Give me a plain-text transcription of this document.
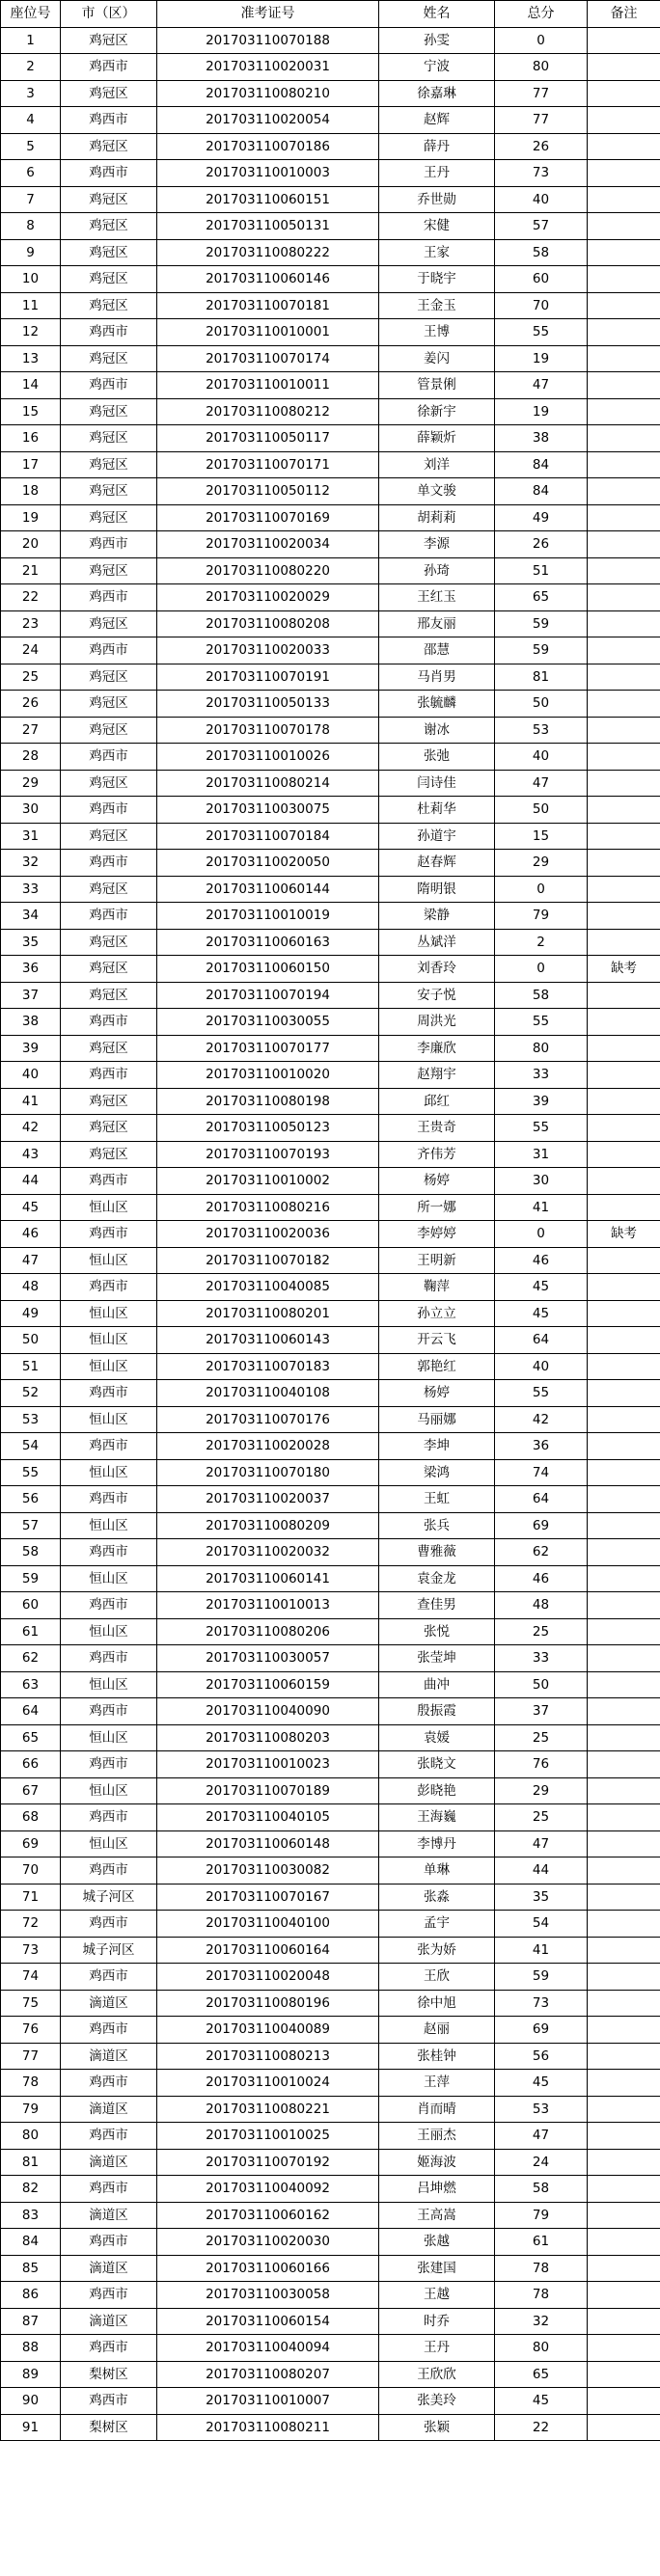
座位号	市（区）	准考证号	姓名	总分	备注
1	鸡冠区	201703110070188	孙雯	0	
2	鸡西市	201703110020031	宁波	80	
3	鸡冠区	201703110080210	徐嘉琳	77	
4	鸡西市	201703110020054	赵辉	77	
5	鸡冠区	201703110070186	薛丹	26	
6	鸡西市	201703110010003	王丹	73	
7	鸡冠区	201703110060151	乔世勋	40	
8	鸡冠区	201703110050131	宋健	57	
9	鸡冠区	201703110080222	王家	58	
10	鸡冠区	201703110060146	于晓宇	60	
11	鸡冠区	201703110070181	王金玉	70	
12	鸡西市	201703110010001	王博	55	
13	鸡冠区	201703110070174	姜闪	19	
14	鸡西市	201703110010011	管景俐	47	
15	鸡冠区	201703110080212	徐新宇	19	
16	鸡冠区	201703110050117	薛颖炘	38	
17	鸡冠区	201703110070171	刘洋	84	
18	鸡冠区	201703110050112	单文骏	84	
19	鸡冠区	201703110070169	胡莉莉	49	
20	鸡西市	201703110020034	李源	26	
21	鸡冠区	201703110080220	孙琦	51	
22	鸡西市	201703110020029	王红玉	65	
23	鸡冠区	201703110080208	邢友丽	59	
24	鸡西市	201703110020033	邵慧	59	
25	鸡冠区	201703110070191	马肖男	81	
26	鸡冠区	201703110050133	张毓麟	50	
27	鸡冠区	201703110070178	谢冰	53	
28	鸡西市	201703110010026	张弛	40	
29	鸡冠区	201703110080214	闫诗佳	47	
30	鸡西市	201703110030075	杜莉华	50	
31	鸡冠区	201703110070184	孙道宇	15	
32	鸡西市	201703110020050	赵春辉	29	
33	鸡冠区	201703110060144	隋明银	0	
34	鸡西市	201703110010019	梁静	79	
35	鸡冠区	201703110060163	丛斌洋	2	
36	鸡冠区	201703110060150	刘香玲	0	缺考
37	鸡冠区	201703110070194	安子悦	58	
38	鸡西市	201703110030055	周洪光	55	
39	鸡冠区	201703110070177	李廉欣	80	
40	鸡西市	201703110010020	赵翔宇	33	
41	鸡冠区	201703110080198	邱红	39	
42	鸡冠区	201703110050123	王贵奇	55	
43	鸡冠区	201703110070193	齐伟芳	31	
44	鸡西市	201703110010002	杨婷	30	
45	恒山区	201703110080216	所一娜	41	
46	鸡西市	201703110020036	李婷婷	0	缺考
47	恒山区	201703110070182	王明新	46	
48	鸡西市	201703110040085	鞠萍	45	
49	恒山区	201703110080201	孙立立	45	
50	恒山区	201703110060143	开云飞	64	
51	恒山区	201703110070183	郭艳红	40	
52	鸡西市	201703110040108	杨婷	55	
53	恒山区	201703110070176	马丽娜	42	
54	鸡西市	201703110020028	李坤	36	
55	恒山区	201703110070180	梁鸿	74	
56	鸡西市	201703110020037	王虹	64	
57	恒山区	201703110080209	张兵	69	
58	鸡西市	201703110020032	曹雅薇	62	
59	恒山区	201703110060141	袁金龙	46	
60	鸡西市	201703110010013	查佳男	48	
61	恒山区	201703110080206	张悦	25	
62	鸡西市	201703110030057	张莹坤	33	
63	恒山区	201703110060159	曲冲	50	
64	鸡西市	201703110040090	殷振霞	37	
65	恒山区	201703110080203	袁媛	25	
66	鸡西市	201703110010023	张晓文	76	
67	恒山区	201703110070189	彭晓艳	29	
68	鸡西市	201703110040105	王海巍	25	
69	恒山区	201703110060148	李博丹	47	
70	鸡西市	201703110030082	单琳	44	
71	城子河区	201703110070167	张淼	35	
72	鸡西市	201703110040100	孟宇	54	
73	城子河区	201703110060164	张为娇	41	
74	鸡西市	201703110020048	王欣	59	
75	滴道区	201703110080196	徐中旭	73	
76	鸡西市	201703110040089	赵丽	69	
77	滴道区	201703110080213	张桂钟	56	
78	鸡西市	201703110010024	王萍	45	
79	滴道区	201703110080221	肖而晴	53	
80	鸡西市	201703110010025	王丽杰	47	
81	滴道区	201703110070192	姬海波	24	
82	鸡西市	201703110040092	吕坤燃	58	
83	滴道区	201703110060162	王高嵩	79	
84	鸡西市	201703110020030	张越	61	
85	滴道区	201703110060166	张建国	78	
86	鸡西市	201703110030058	王越	78	
87	滴道区	201703110060154	时乔	32	
88	鸡西市	201703110040094	王丹	80	
89	梨树区	201703110080207	王欣欣	65	
90	鸡西市	201703110010007	张美玲	45	
91	梨树区	201703110080211	张颖	22	
